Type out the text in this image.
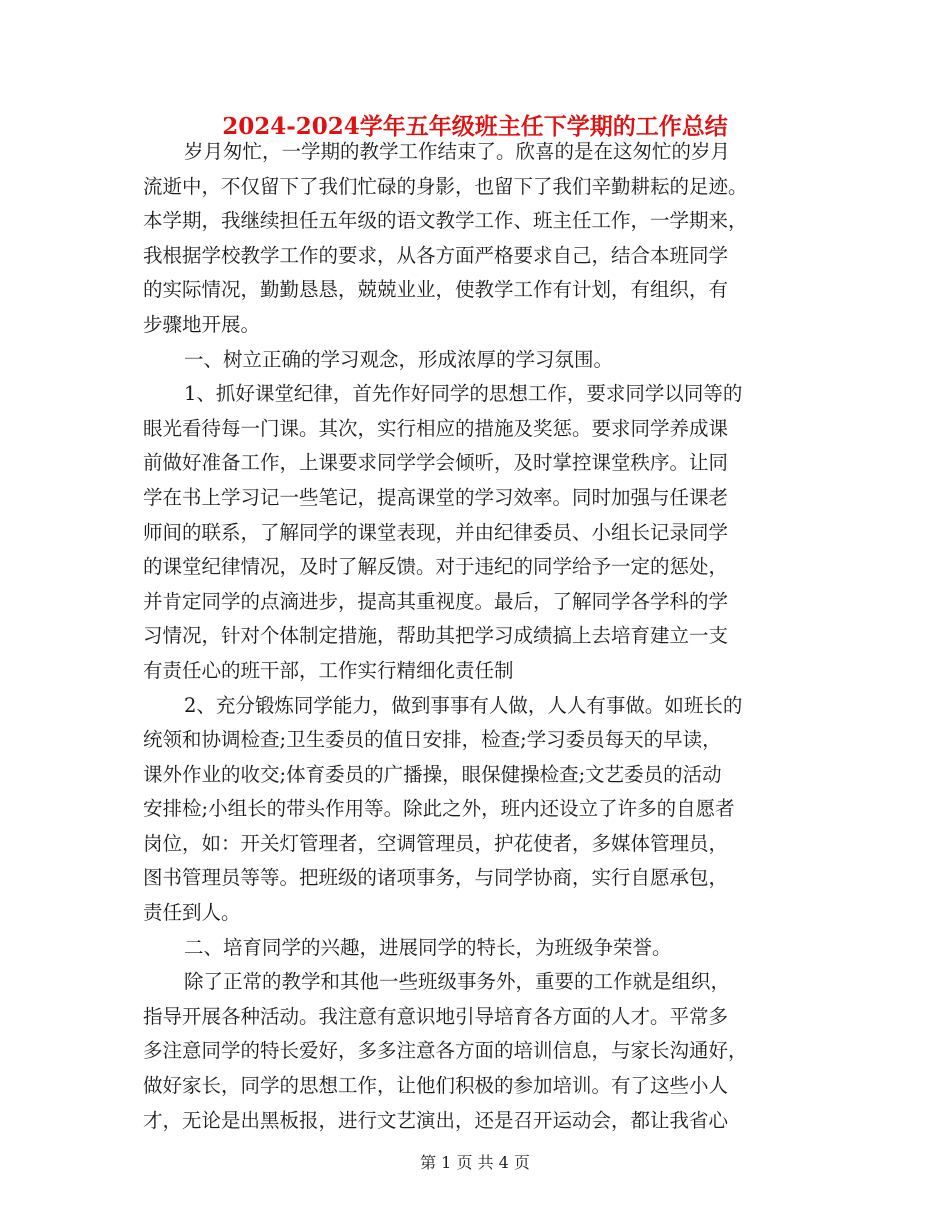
2024-2024学年五年级班主任下学期的工作总结
岁月匆忙，一学期的教学工作结束了。欣喜的是在这匆忙的岁月
流逝中，不仅留下了我们忙碌的身影，也留下了我们辛勤耕耘的足迹。
本学期，我继续担任五年级的语文教学工作、班主任工作，一学期来，
我根据学校教学工作的要求，从各方面严格要求自己，结合本班同学
的实际情况，勤勤恳恳，兢兢业业，使教学工作有计划，有组织，有
步骤地开展。
一、树立正确的学习观念，形成浓厚的学习氛围。
1、抓好课堂纪律，首先作好同学的思想工作，要求同学以同等的
眼光看待每一门课。其次，实行相应的措施及奖惩。要求同学养成课
前做好准备工作，上课要求同学学会倾听，及时掌控课堂秩序。让同
学在书上学习记一些笔记，提高课堂的学习效率。同时加强与任课老
师间的联系，了解同学的课堂表现，并由纪律委员、小组长记录同学
的课堂纪律情况，及时了解反馈。对于违纪的同学给予一定的惩处，
并肯定同学的点滴进步，提高其重视度。最后，了解同学各学科的学
习情况，针对个体制定措施，帮助其把学习成绩搞上去培育建立一支
有责任心的班干部，工作实行精细化责任制
2、充分锻炼同学能力，做到事事有人做，人人有事做。如班长的
统领和协调检查;卫生委员的值日安排，检查;学习委员每天的早读，
课外作业的收交;体育委员的广播操，眼保健操检查;文艺委员的活动
安排检;小组长的带头作用等。除此之外，班内还设立了许多的自愿者
岗位，如：开关灯管理者，空调管理员，护花使者，多媒体管理员，
图书管理员等等。把班级的诸项事务，与同学协商，实行自愿承包，
责任到人。
二、培育同学的兴趣，进展同学的特长，为班级争荣誉。
除了正常的教学和其他一些班级事务外，重要的工作就是组织，
指导开展各种活动。我注意有意识地引导培育各方面的人才。平常多
多注意同学的特长爱好，多多注意各方面的培训信息，与家长沟通好，
做好家长，同学的思想工作，让他们积极的参加培训。有了这些小人
才，无论是出黑板报，进行文艺演出，还是召开运动会，都让我省心
第 1 页 共 4 页
